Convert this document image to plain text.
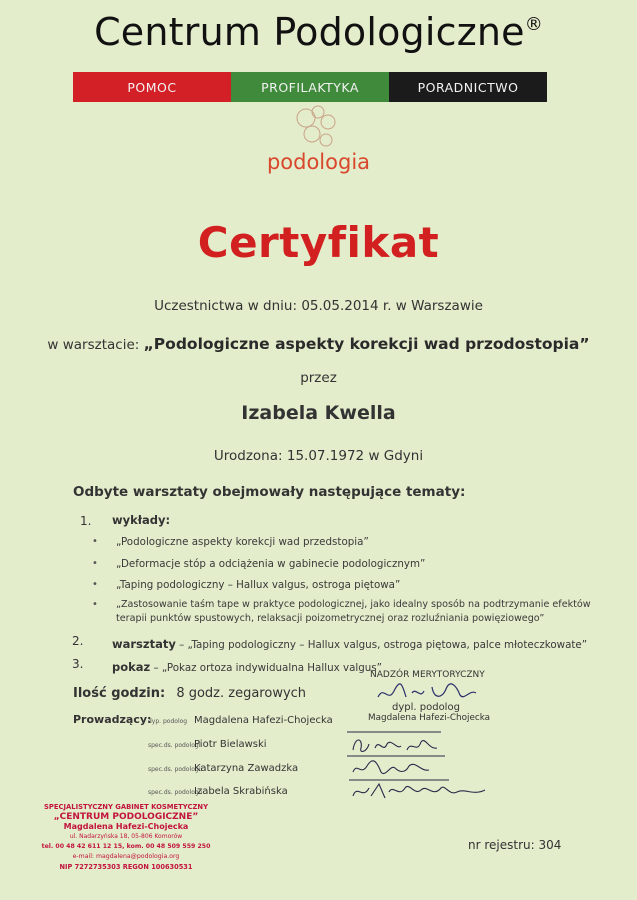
Centrum Podologiczne®
POMOC	PROFILAKTYKA	PORADNICTWO
podologia
Certyfikat
Uczestnictwa w dniu: 05.05.2014 r. w Warszawie
w warsztacie: „Podologiczne aspekty korekcji wad przodostopia”
przez
Izabela Kwella
Urodzona: 15.07.1972 w Gdyni
Odbyte warsztaty obejmowały następujące tematy:
1. wykłady:
• „Podologiczne aspekty korekcji wad przedstopia”
• „Deformacje stóp a odciążenia w gabinecie podologicznym”
• „Taping podologiczny – Hallux valgus, ostroga piętowa”
• „Zastosowanie taśm tape w praktyce podologicznej, jako idealny sposób na podtrzymanie efektów
terapii punktów spustowych, relaksacji poizometrycznej oraz rozluźniania powięziowego”
2. warsztaty – „Taping podologiczny – Hallux valgus, ostroga piętowa, palce młoteczkowate”
3. pokaz – „Pokaz ortoza indywidualna Hallux valgus”
Ilość godzin: 8 godz. zegarowych
NADZÓR MERYTORYCZNY
dypl. podolog
Magdalena Hafezi-Chojecka
Prowadzący:
dyp. podolog Magdalena Hafezi-Chojecka
spec.ds. podologii
Piotr Bielawski
spec.ds. podologii
Katarzyna Zawadzka
spec.ds. podologii
Izabela Skrabińska
SPECJALISTYCZNY GABINET KOSMETYCZNY
„CENTRUM PODOLOGICZNE”
Magdalena Hafezi-Chojecka
ul. Nadarzyńska 18, 05-806 Komorów
tel. 00 48 42 611 12 15, kom. 00 48 509 559 250
e-mail: magdalena@podologia.org
NIP 7272735303 REGON 100630531
nr rejestru: 304
